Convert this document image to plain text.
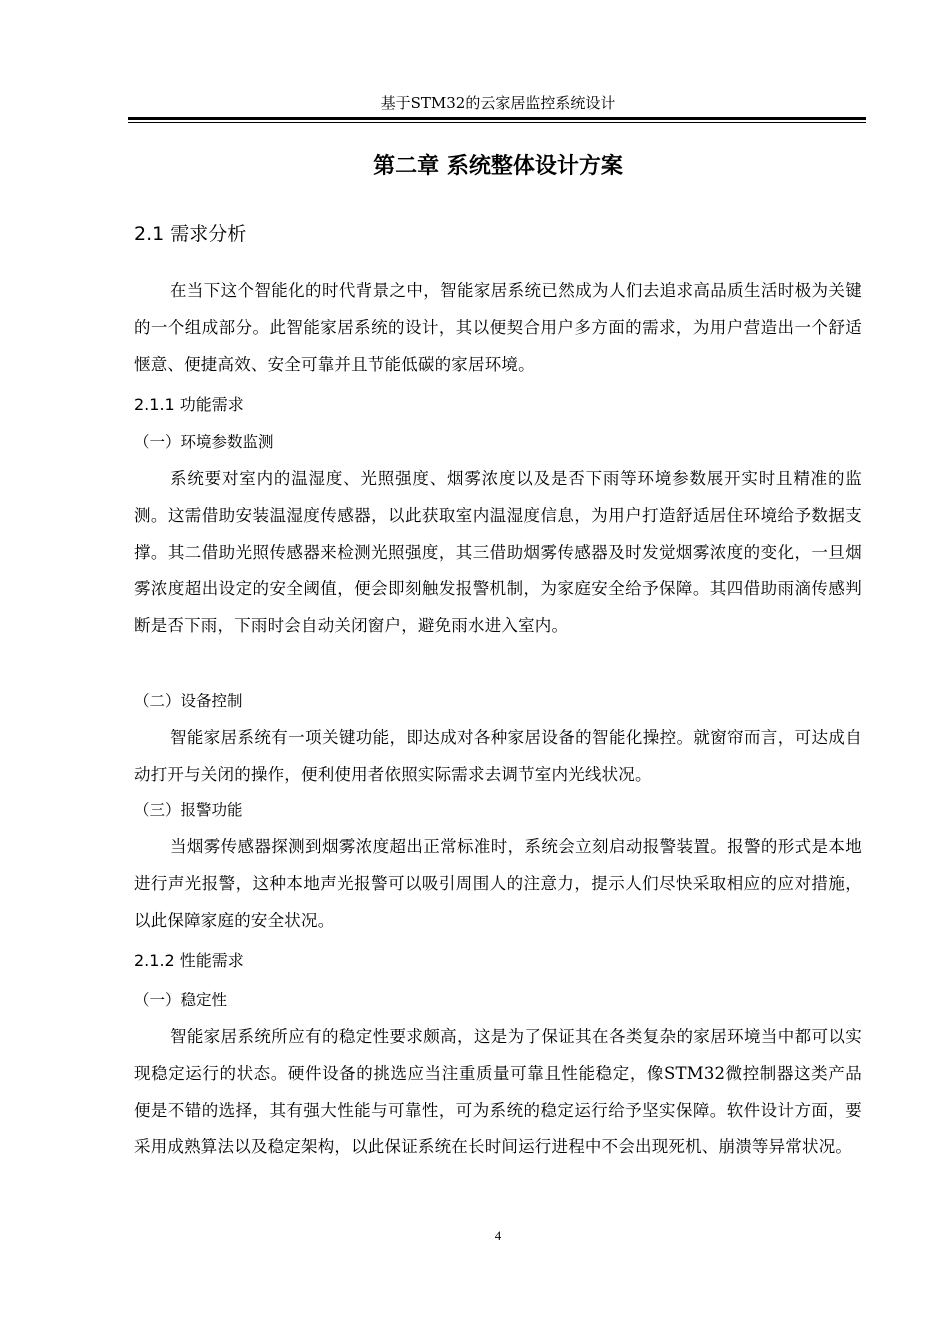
基于STM32的云家居监控系统设计
第二章 系统整体设计方案
2.1 需求分析
在当下这个智能化的时代背景之中，智能家居系统已然成为人们去追求高品质生活时极为关键的一个组成部分。此智能家居系统的设计，其以便契合用户多方面的需求，为用户营造出一个舒适惬意、便捷高效、安全可靠并且节能低碳的家居环境。
2.1.1 功能需求
（一）环境参数监测
系统要对室内的温湿度、光照强度、烟雾浓度以及是否下雨等环境参数展开实时且精准的监测。这需借助安装温湿度传感器，以此获取室内温湿度信息，为用户打造舒适居住环境给予数据支撑。其二借助光照传感器来检测光照强度，其三借助烟雾传感器及时发觉烟雾浓度的变化，一旦烟雾浓度超出设定的安全阈值，便会即刻触发报警机制，为家庭安全给予保障。其四借助雨滴传感判断是否下雨，下雨时会自动关闭窗户，避免雨水进入室内。
（二）设备控制
智能家居系统有一项关键功能，即达成对各种家居设备的智能化操控。就窗帘而言，可达成自动打开与关闭的操作，便利使用者依照实际需求去调节室内光线状况。
（三）报警功能
当烟雾传感器探测到烟雾浓度超出正常标准时，系统会立刻启动报警装置。报警的形式是本地进行声光报警，这种本地声光报警可以吸引周围人的注意力，提示人们尽快采取相应的应对措施，以此保障家庭的安全状况。
2.1.2 性能需求
（一）稳定性
智能家居系统所应有的稳定性要求颇高，这是为了保证其在各类复杂的家居环境当中都可以实现稳定运行的状态。硬件设备的挑选应当注重质量可靠且性能稳定，像STM32微控制器这类产品便是不错的选择，其有强大性能与可靠性，可为系统的稳定运行给予坚实保障。软件设计方面，要采用成熟算法以及稳定架构，以此保证系统在长时间运行进程中不会出现死机、崩溃等异常状况。
4
